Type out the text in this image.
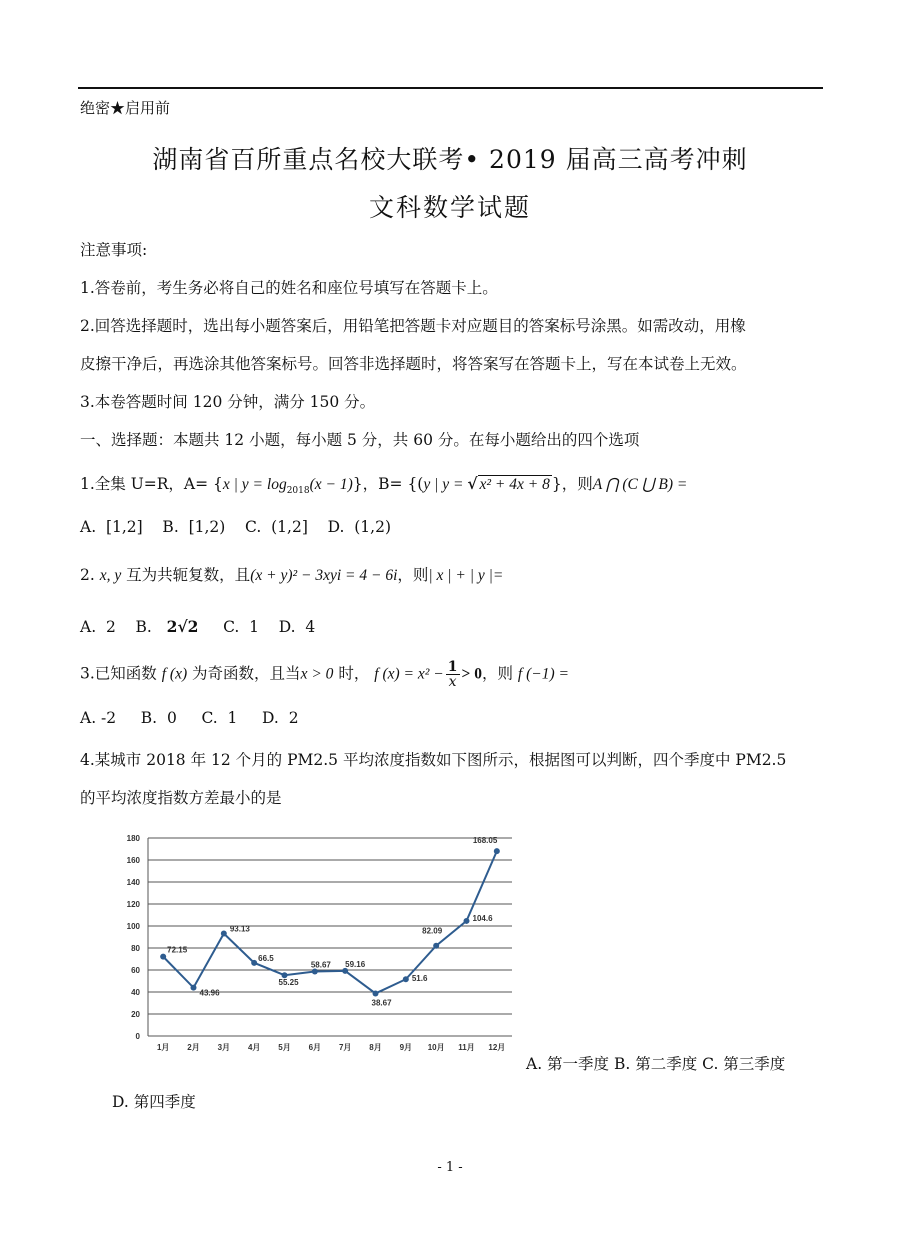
绝密★启用前
湖南省百所重点名校大联考• 2019 届高三高考冲刺
文科数学试题
注意事项:
1.答卷前，考生务必将自己的姓名和座位号填写在答题卡上。
2.回答选择题时，选出每小题答案后，用铅笔把答题卡对应题目的答案标号涂黑。如需改动，用橡
皮擦干净后，再选涂其他答案标号。回答非选择题时，将答案写在答题卡上，写在本试卷上无效。
3.本卷答题时间 120 分钟，满分 150 分。
一、选择题：本题共 12 小题，每小题 5 分，共 60 分。在每小题给出的四个选项
1.全集 U=R，A= {x | $y = \log_{2018}(x - 1)$}，B= {(y | y = √ x² + 4x + 8 }，则A ⋂ (C ⋃ B) =
A.  [1,2]    B.  [1,2)    C.  (1,2]    D.  (1,2)
2. x, y 互为共轭复数，且(x + y)² − 3xyi = 4 − 6i，则| x | + | y |=
A.  2    B. 2√2 C.  1    D.  4
3.已知函数 f (x) 为奇函数，且当x > 0 时， f $(x) = x^2 - \frac{1}{x} > 0$，则 f (−1) =
A. -2     B.  0     C.  1     D.  2
4.某城市 2018 年 12 个月的 PM2.5 平均浓度指数如下图所示，根据图可以判断，四个季度中 PM2.5
的平均浓度指数方差最小的是
0
20
40
60
80
100
120
140
160
180
1月 2月 3月 4月 5月 6月 7月 8月 9月 10月 11月 12月
72.15
43.96
93.13
66.5
55.25
58.67 59.16
38.67
51.6
82.09
104.6
168.05
A. 第一季度 B. 第二季度 C. 第三季度
D. 第四季度
- 1 -
